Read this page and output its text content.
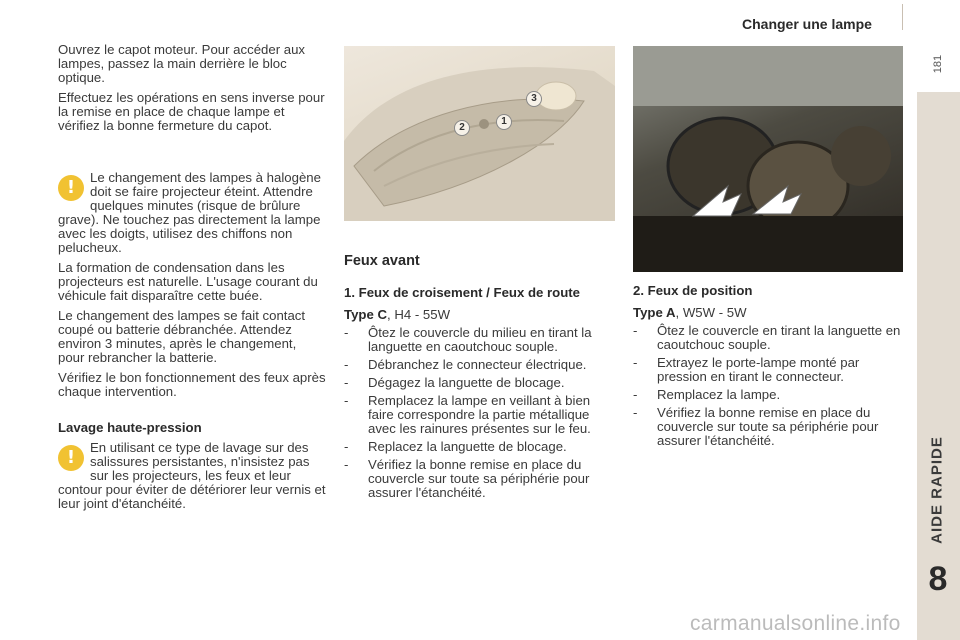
Changer une lampe
181
AIDE RAPIDE
8

Ouvrez le capot moteur. Pour accéder aux lampes, passez la main derrière le bloc optique.

Effectuez les opérations en sens inverse pour la remise en place de chaque lampe et vérifiez la bonne fermeture du capot.

!	Le changement des lampes à halogène doit se faire projecteur éteint. Attendre quelques minutes (risque de brûlure grave). Ne touchez pas directement la lampe avec les doigts, utilisez des chiffons non pelucheux.

La formation de condensation dans les projecteurs est naturelle. L'usage courant du véhicule fait disparaître cette buée.

Le changement des lampes se fait contact coupé ou batterie débranchée. Attendez environ 3 minutes, après le changement, pour rebrancher la batterie.

Vérifiez le bon fonctionnement des feux après chaque intervention.

Lavage haute-pression
!	En utilisant ce type de lavage sur des salissures persistantes, n'insistez pas sur les projecteurs, les feux et leur contour pour éviter de détériorer leur vernis et leur joint d'étanchéité.
2
1
3
Feux avant
1. Feux de croisement / Feux de route
Type C, H4 - 55W
- Ôtez le couvercle du milieu en tirant la languette en caoutchouc souple.
- Débranchez le connecteur électrique.
- Dégagez la languette de blocage.
- Remplacez la lampe en veillant à bien faire correspondre la partie métallique avec les rainures présentes sur le feu.
- Replacez la languette de blocage.
- Vérifiez la bonne remise en place du couvercle sur toute sa périphérie pour assurer l'étanchéité.
2. Feux de position
Type A, W5W - 5W
- Ôtez le couvercle en tirant la languette en caoutchouc souple.
- Extrayez le porte-lampe monté par pression en tirant le connecteur.
- Remplacez la lampe.
- Vérifiez la bonne remise en place du couvercle sur toute sa périphérie pour assurer l'étanchéité.
carmanualsonline.info
